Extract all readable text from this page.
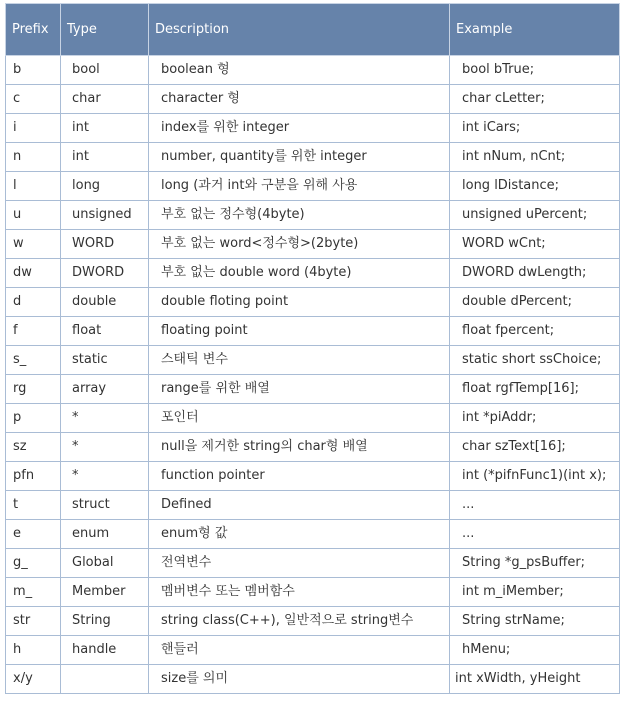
Prefix	Type	Description	Example
b	bool	boolean 형	bool bTrue;
c	char	character 형	char cLetter;
i	int	index를 위한 integer	int iCars;
n	int	number, quantity를 위한 integer	int nNum, nCnt;
l	long	long (과거 int와 구분을 위해 사용	long lDistance;
u	unsigned	부호 없는 정수형(4byte)	unsigned uPercent;
w	WORD	부호 없는 word<정수형>(2byte)	WORD wCnt;
dw	DWORD	부호 없는 double word (4byte)	DWORD dwLength;
d	double	double floting point	double dPercent;
f	float	floating point	float fpercent;
s_	static	스태틱 변수	static short ssChoice;
rg	array	range를 위한 배열	float rgfTemp[16];
p	*	포인터	int *piAddr;
sz	*	null을 제거한 string의 char형 배열	char szText[16];
pfn	*	function pointer	int (*pifnFunc1)(int x);
t	struct	Defined	...
e	enum	enum형 값	...
g_	Global	전역변수	String *g_psBuffer;
m_	Member	멤버변수 또는 멤버함수	int m_iMember;
str	String	string class(C++), 일반적으로 string변수	String strName;
h	handle	핸들러	hMenu;
x/y		size를 의미	int xWidth, yHeight
